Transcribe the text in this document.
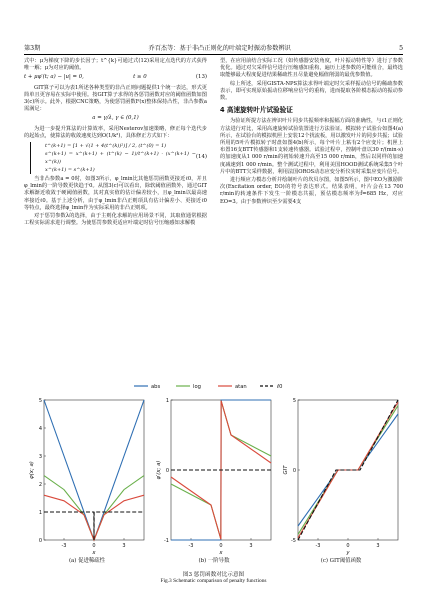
第3期	乔百杰等：基于非凸正则化的叶端定时振动参数辨识	5

式中：μ为梯度下降的步长因子；t^{k}可通过式(12)采用定点迭代的方式获得唯一解；μ为对应的阈值。

t + μφ′(t; a) − |u| = 0,	t ≥ 0	(13)

GIT算子可以为表1所述各种类型的非凸正则问题提供1个统一表达，形式更简单且更容易在实际中使用。按GIT算子求得的各惩罚函数对应的阈值函数如图3(c)所示。此外，根据CNC策略，为使惩罚函数F(x)整体保持凸性，非凸参数a需满足：

a = γ/λ, γ ∈ (0,1)

为进一步提升算法的计算效率，采用Nesterov加速策略，修正每个迭代步的起始点，使算法的收敛速度达到O(1/k²)，具体修正方式如下：

t^(k+1) = [1 + √(1 + 4(t^(k))²)] / 2, (t^(0) = 1)
s^(k+1) = x^(k+1) + (t^(k) − 1)/t^(k+1) · (x^(k+1) − x^(k))
x^(k+1) = s^(k+1)
(14)

当非凸参数a = 0时，如图3所示，φ_lmin比其他惩罚函数更接近ℓ0，并且φ_lmin的一阶导数更快趋于0。从图3(c)可以看出，除软阈值函数外，通过GIT求解渐近收敛于硬阈值函数，其对真实值的估计偏差较小，且φ_lmin以最高速率接近ℓ0。基于上述分析，由于φ_lmin非凸正则项具有估计偏差小、更接近ℓ0等特点，最终选择φ_lmin作为实际采用的非凸正则项。

对于惩罚参数λ的选择，由于主则化求解的应用场景不同，其取值通常根据工程实际需求进行调整。为使惩罚参数更适应叶端定时信号压缩感知求解模

型，在应用前结合实际工况（如传感器安装角度，叶片振动特性等）进行了参数优化。通过对欠采样信号进行压缩感知重构，遍历上述参数的可能组合，最终选取能够最大程度促进结果稀疏性且尽量避免幅值削弱的最优参数值。

综上所述，采用GISTA-NPS算法求得叶端定时欠采样振动信号的稀疏参数表示，即可实现原始振动位移响应信号的重构，进而提取各阶模态振动的振动参数。

4 高速旋转叶片试验验证

为验证所提方法在辨识叶片同步共振频率和振幅方面的准确性，与ℓ1正则化方法进行对比，采用高速旋转试验装置进行方法验证。模拟转子试验台如图4(a)所示，在试验台的模拟机匣上安装12个扰流板，用以激发叶片的同步共振；试验所用的5叶片模拟转子时盘如图4(b)所示，每个叶片上粘有2个应变片；机匣上布置16支BTT传感器和1支转速传感器。试验过程中，控制叶盘以30 r/(min·s)的加速度从1 000 r/min的初始转速升高至15 000 r/min，然后以同样的加速度减速到1 000 r/min。整个测试过程中，利用美国HOOD测试系统采集5个叶片中的BTT欠采样数据，利用法国OROS动态应变分析仪实时采集应变片信号。

进行频应力模态分析并绘制叶片的坎贝尔图，如图5所示，图中EO为激励阶次(Excitation order, EO)的符号表达形式。结果表明，叶片会在13 700 r/min的转速条件下发生一阶模态共振，预估模态频率为f̄=685 Hz，对应EO=3。由于参数辨识至少需要4支

abs	log	atan	ℓ0
-3	0	3
0
1
2
3
4
5
x
φ(x; a)
-3	0	3
-1
0
1
x
φ′(x; a)
-3	0	3
-5
0
5
y
GIT
(a) 促进稀疏性	(b) 一阶导数	(c) GIT阈值函数
图3 惩罚函数对比示意图
Fig.3 Schematic comparison of penalty functions
